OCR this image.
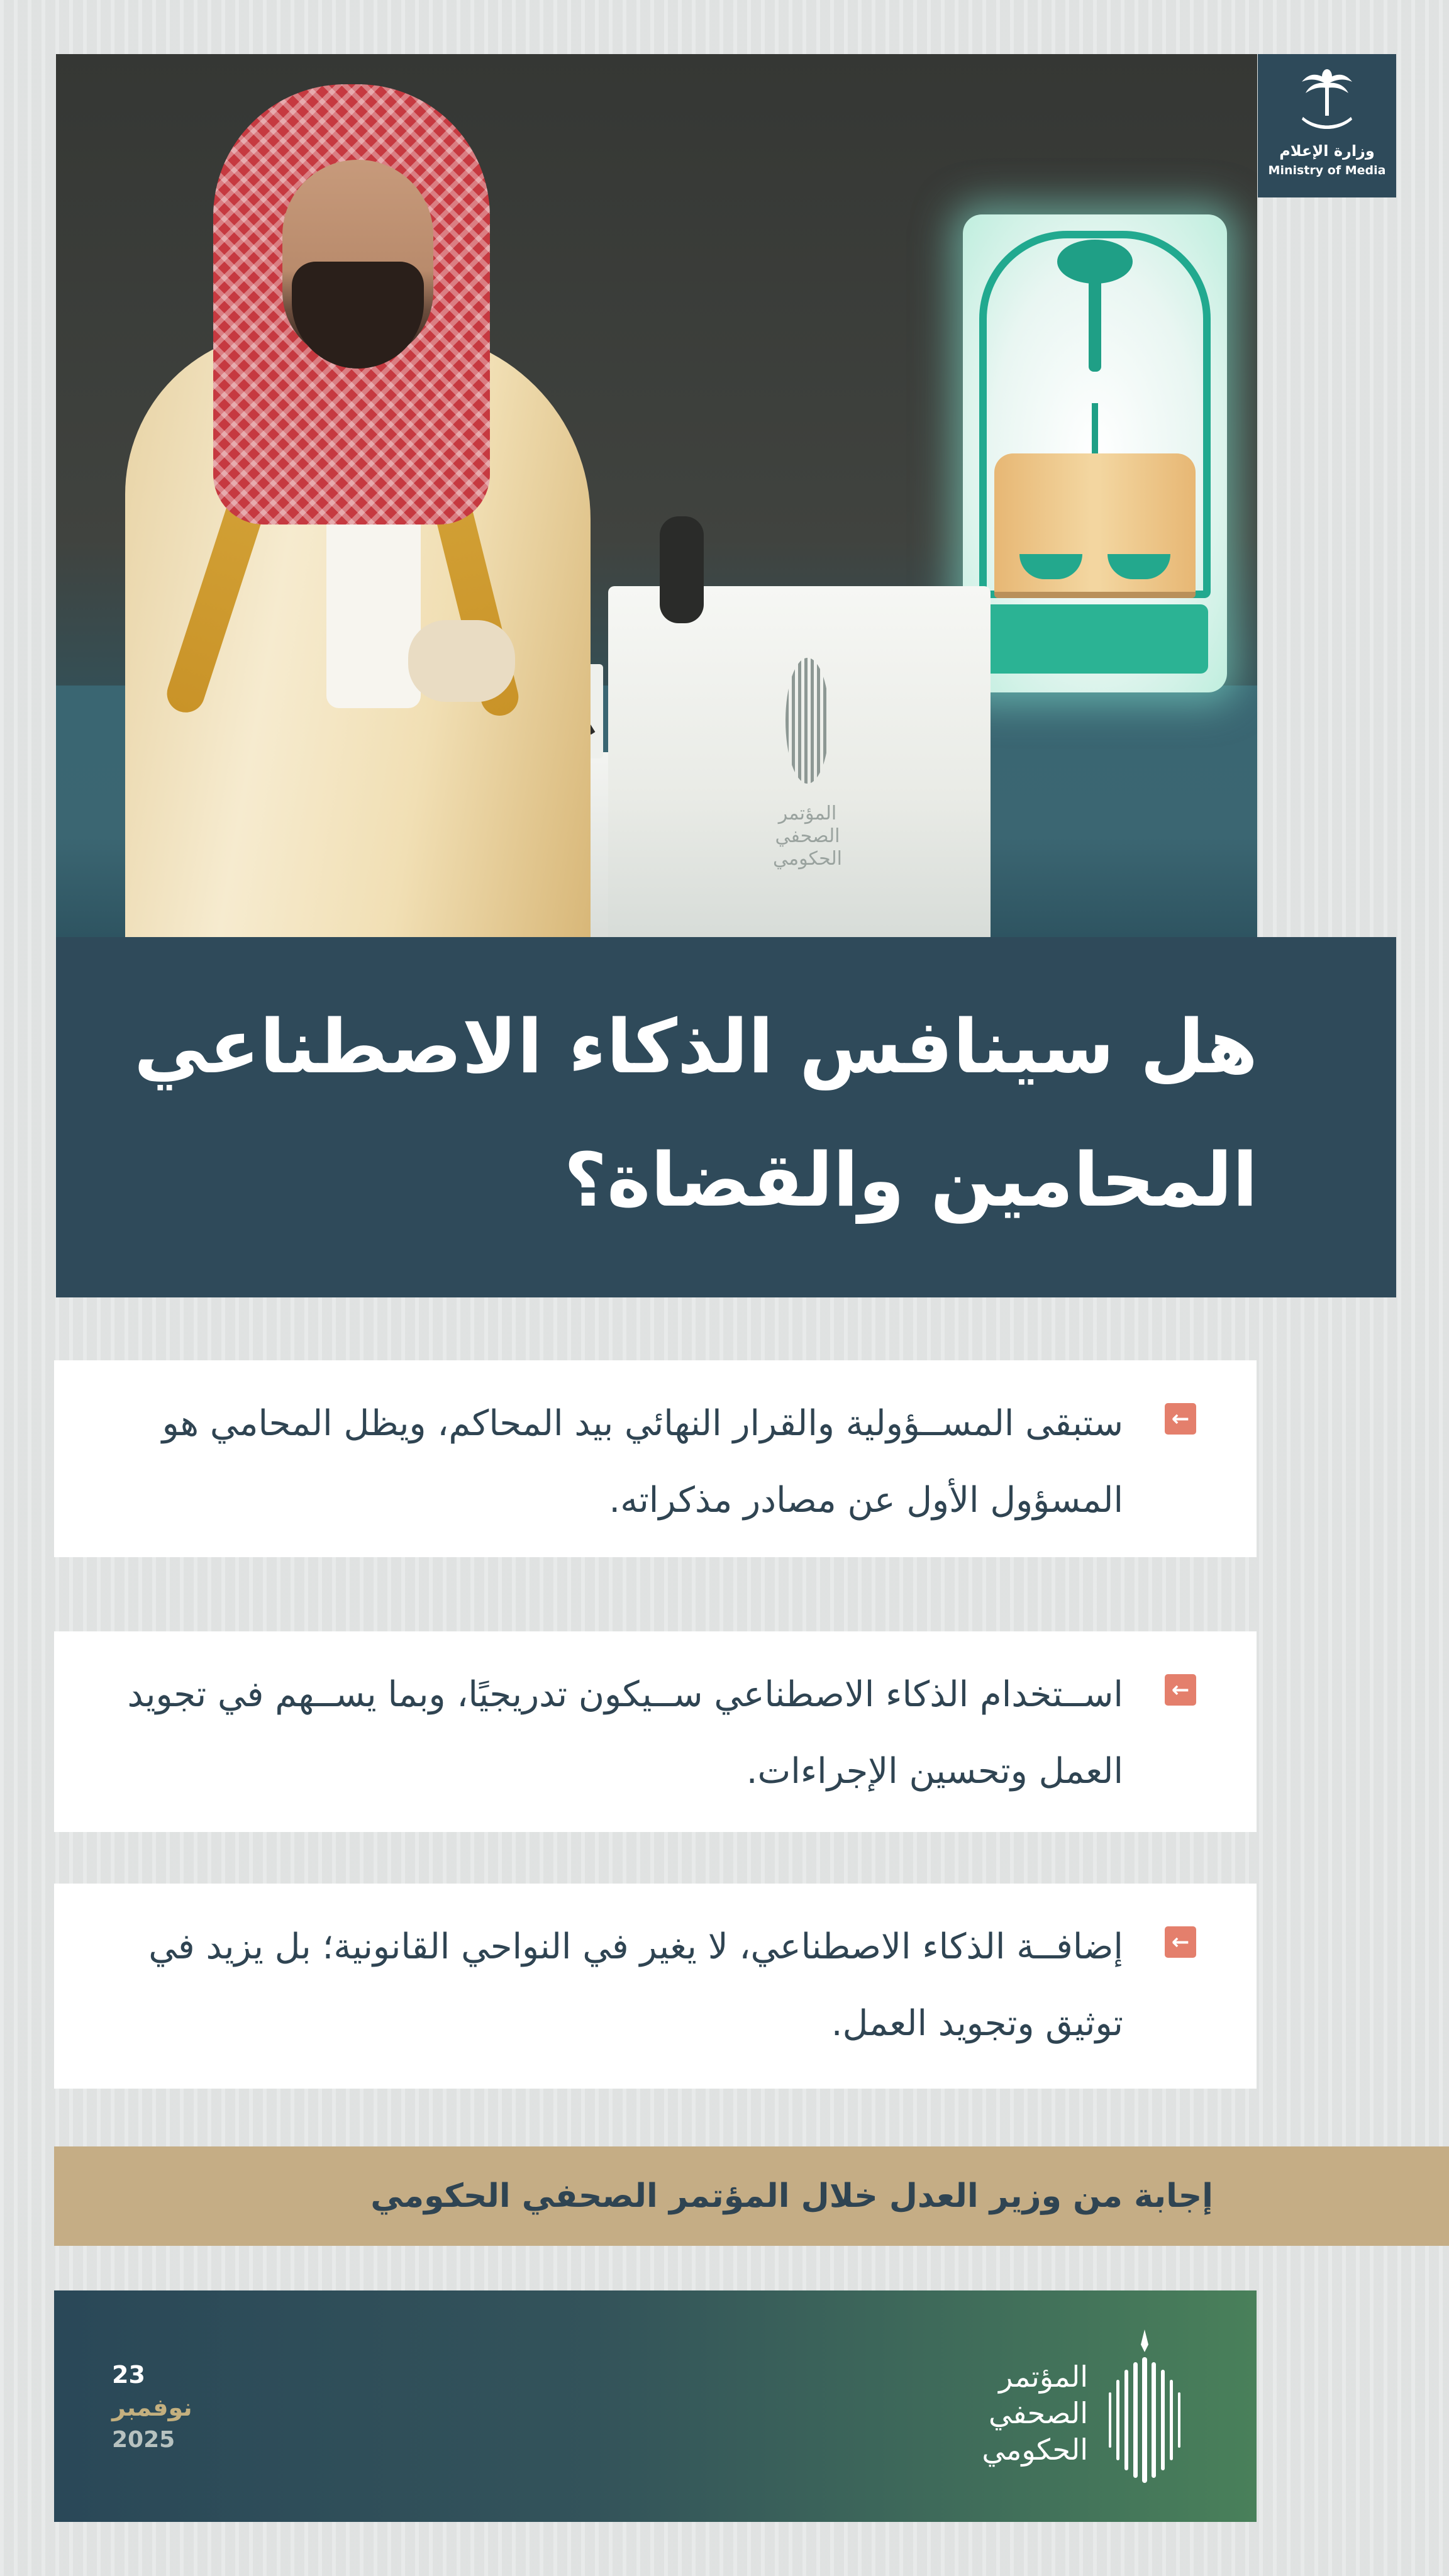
المؤتمر الصحفي الحكومي
وزارة الإعلام
Ministry of Media
هل سينافس الذكاء الاصطناعي المحامين والقضاة؟
←
ستبقى المســؤولية والقرار النهائي بيد المحاكم، ويظل المحامي هو المسؤول الأول عن مصادر مذكراته.
←
اســتخدام الذكاء الاصطناعي ســيكون تدريجيًا، وبما يســهم في تجويد العمل وتحسين الإجراءات.
←
إضافــة الذكاء الاصطناعي، لا يغير في النواحي القانونية؛ بل يزيد في توثيق وتجويد العمل.
إجابة من وزير العدل خلال المؤتمر الصحفي الحكومي
المؤتمر
الصحفي
الحكومي
23
نوفمبر
2025
